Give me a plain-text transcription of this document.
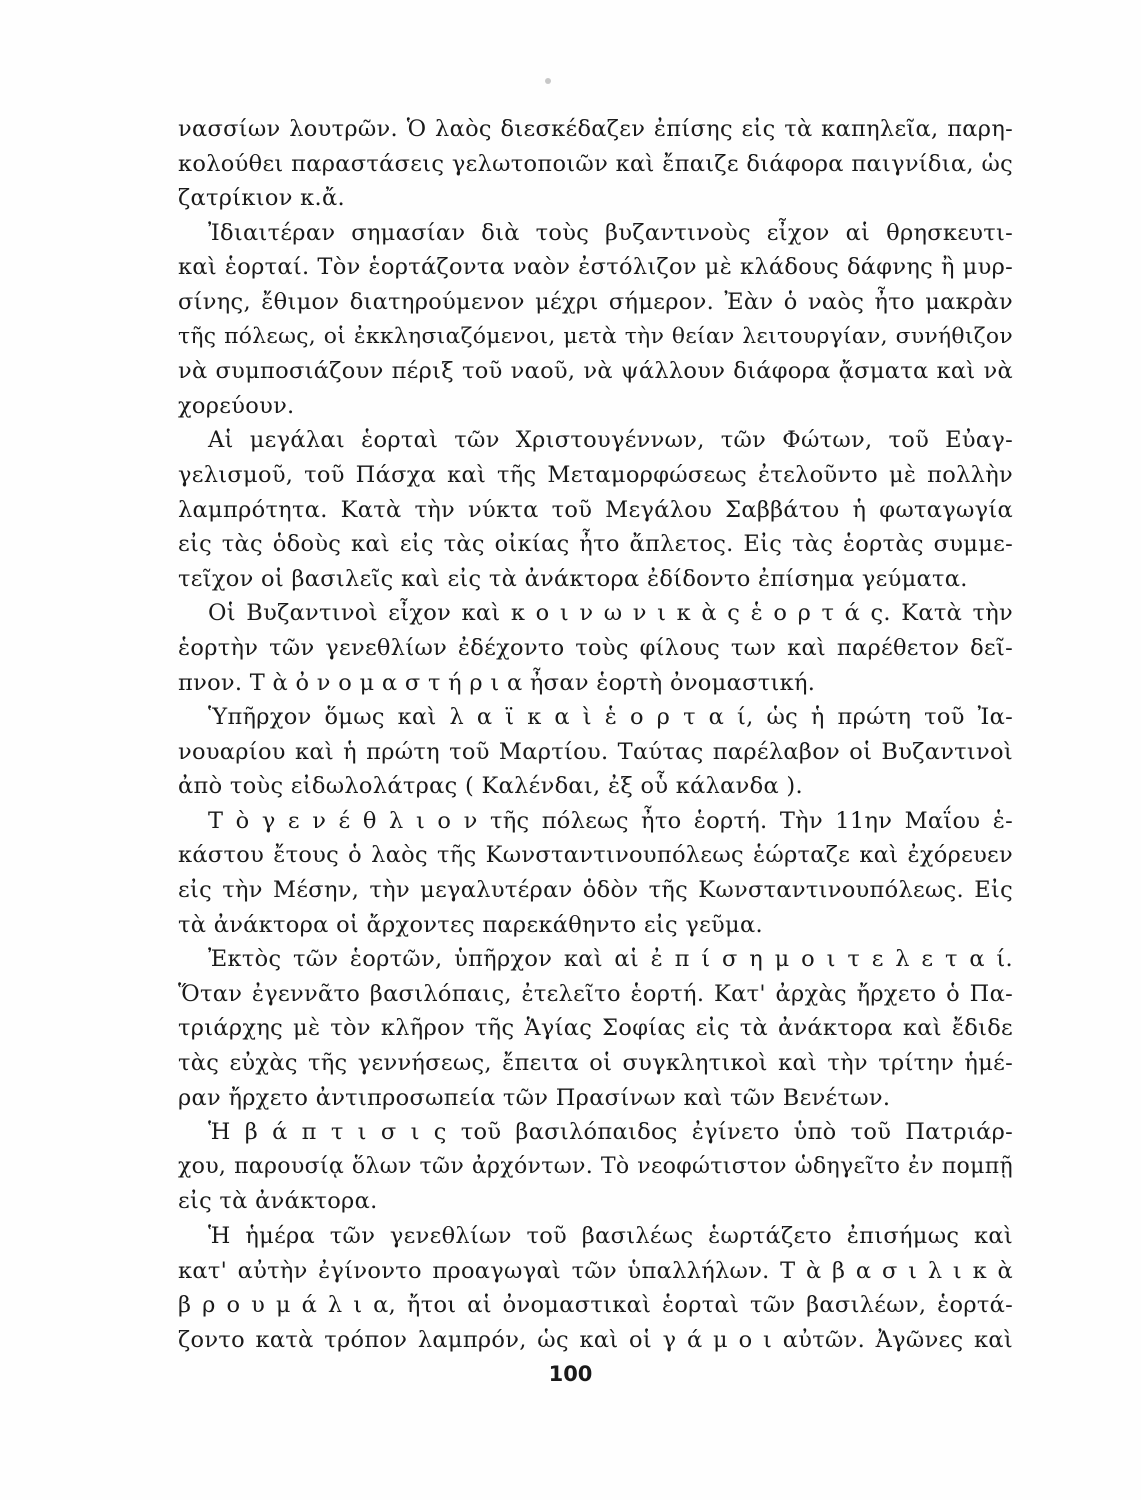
νασσίων λουτρῶν. Ὁ λαὸς διεσκέδαζεν ἐπίσης εἰς τὰ καπηλεῖα, παρη-
κολούθει παραστάσεις γελωτοποιῶν καὶ ἔπαιζε διάφορα παιγνίδια, ὡς
ζατρίκιον κ.ἄ.
Ἰδιαιτέραν σημασίαν διὰ τοὺς βυζαντινοὺς εἶχον αἱ θρησκευτι-
καὶ ἑορταί. Τὸν ἑορτάζοντα ναὸν ἐστόλιζον μὲ κλάδους δάφνης ἢ μυρ-
σίνης, ἔθιμον διατηρούμενον μέχρι σήμερον. Ἐὰν ὁ ναὸς ἦτο μακρὰν
τῆς πόλεως, οἱ ἐκκλησιαζόμενοι, μετὰ τὴν θείαν λειτουργίαν, συνήθιζον
νὰ συμποσιάζουν πέριξ τοῦ ναοῦ, νὰ ψάλλουν διάφορα ᾄσματα καὶ νὰ
χορεύουν.
Αἱ μεγάλαι ἑορταὶ τῶν Χριστουγέννων, τῶν Φώτων, τοῦ Εὐαγ-
γελισμοῦ, τοῦ Πάσχα καὶ τῆς Μεταμορφώσεως ἐτελοῦντο μὲ πολλὴν
λαμπρότητα. Κατὰ τὴν νύκτα τοῦ Μεγάλου Σαββάτου ἡ φωταγωγία
εἰς τὰς ὁδοὺς καὶ εἰς τὰς οἰκίας ἦτο ἄπλετος. Εἰς τὰς ἑορτὰς συμμε-
τεῖχον οἱ βασιλεῖς καὶ εἰς τὰ ἀνάκτορα ἐδίδοντο ἐπίσημα γεύματα.
Οἱ Βυζαντινοὶ εἶχον καὶ κ ο ι ν ω ν ι κ ὰ ς ἑ ο ρ τ ά ς. Κατὰ τὴν
ἑορτὴν τῶν γενεθλίων ἐδέχοντο τοὺς φίλους των καὶ παρέθετον δεῖ-
πνον. Τ ὰ ὀ ν ο μ α σ τ ή ρ ι α ἦσαν ἑορτὴ ὀνομαστική.
Ὑπῆρχον ὅμως καὶ λ α ϊ κ α ὶ ἑ ο ρ τ α ί, ὡς ἡ πρώτη τοῦ Ἰα-
νουαρίου καὶ ἡ πρώτη τοῦ Μαρτίου. Ταύτας παρέλαβον οἱ Βυζαντινοὶ
ἀπὸ τοὺς εἰδωλολάτρας ( Καλένδαι, ἐξ οὗ κάλανδα ).
Τ ὸ γ ε ν έ θ λ ι ο ν τῆς πόλεως ἦτο ἑορτή. Τὴν 11ην Μαΐου ἑ-
κάστου ἔτους ὁ λαὸς τῆς Κωνσταντινουπόλεως ἑώρταζε καὶ ἐχόρευεν
εἰς τὴν Μέσην, τὴν μεγαλυτέραν ὁδὸν τῆς Κωνσταντινουπόλεως. Εἰς
τὰ ἀνάκτορα οἱ ἄρχοντες παρεκάθηντο εἰς γεῦμα.
Ἐκτὸς τῶν ἑορτῶν, ὑπῆρχον καὶ αἱ ἐ π ί σ η μ ο ι τ ε λ ε τ α ί.
Ὅταν ἐγεννᾶτο βασιλόπαις, ἐτελεῖτο ἑορτή. Κατ' ἀρχὰς ἤρχετο ὁ Πα-
τριάρχης μὲ τὸν κλῆρον τῆς Ἁγίας Σοφίας εἰς τὰ ἀνάκτορα καὶ ἔδιδε
τὰς εὐχὰς τῆς γεννήσεως, ἔπειτα οἱ συγκλητικοὶ καὶ τὴν τρίτην ἡμέ-
ραν ἤρχετο ἀντιπροσωπεία τῶν Πρασίνων καὶ τῶν Βενέτων.
Ἡ β ά π τ ι σ ι ς τοῦ βασιλόπαιδος ἐγίνετο ὑπὸ τοῦ Πατριάρ-
χου, παρουσίᾳ ὅλων τῶν ἀρχόντων. Τὸ νεοφώτιστον ὡδηγεῖτο ἐν πομπῇ
εἰς τὰ ἀνάκτορα.
Ἡ ἡμέρα τῶν γενεθλίων τοῦ βασιλέως ἑωρτάζετο ἐπισήμως καὶ
κατ' αὐτὴν ἐγίνοντο προαγωγαὶ τῶν ὑπαλλήλων. Τ ὰ β α σ ι λ ι κ ὰ
β ρ ο υ μ ά λ ι α, ἤτοι αἱ ὀνομαστικαὶ ἑορταὶ τῶν βασιλέων, ἑορτά-
ζοντο κατὰ τρόπον λαμπρόν, ὡς καὶ οἱ γ ά μ ο ι αὐτῶν. Ἀγῶνες καὶ
100
